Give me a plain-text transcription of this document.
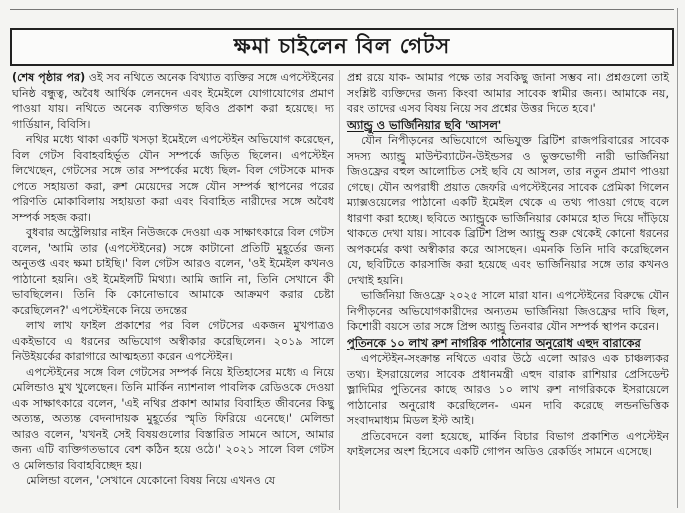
ক্ষমা চাইলেন বিল গেটস

(শেষ পৃষ্ঠার পর) ওই সব নথিতে অনেক বিখ্যাত ব্যক্তির সঙ্গে এপস্টেইনের ঘনিষ্ঠ বন্ধুত্ব, অবৈধ আর্থিক লেনদেন এবং ইমেইলে যোগাযোগের প্রমাণ পাওয়া যায়। নথিতে অনেক ব্যক্তিগত ছবিও প্রকাশ করা হয়েছে। দ্য গার্ডিয়ান, বিবিসি।

নথির মধ্যে থাকা একটি খসড়া ইমেইলে এপস্টেইন অভিযোগ করেছেন, বিল গেটস বিবাহবহির্ভূত যৌন সম্পর্কে জড়িত ছিলেন। এপস্টেইন লিখেছেন, গেটসের সঙ্গে তার সম্পর্কের মধ্যে ছিল- বিল গেটসকে মাদক পেতে সহায়তা করা, রুশ মেয়েদের সঙ্গে যৌন সম্পর্ক স্থাপনের পরের পরিণতি মোকাবিলায় সহায়তা করা এবং বিবাহিত নারীদের সঙ্গে অবৈধ সম্পর্ক সহজ করা।

বুধবার অস্ট্রেলিয়ার নাইন নিউজকে দেওয়া এক সাক্ষাৎকারে বিল গেটস বলেন, 'আমি তার (এপস্টেইনের) সঙ্গে কাটানো প্রতিটি মুহূর্তের জন্য অনুতপ্ত এবং ক্ষমা চাইছি।' বিল গেটস আরও বলেন, 'ওই ইমেইল কখনও পাঠানো হয়নি। ওই ইমেইলটি মিথ্যা। আমি জানি না, তিনি সেখানে কী ভাবছিলেন। তিনি কি কোনোভাবে আমাকে আক্রমণ করার চেষ্টা করেছিলেন?' এপস্টেইনকে নিয়ে তদন্তের

লাখ লাখ ফাইল প্রকাশের পর বিল গেটসের একজন মুখপাত্রও একইভাবে এ ধরনের অভিযোগ অস্বীকার করেছিলেন। ২০১৯ সালে নিউইয়র্কের কারাগারে আত্মহত্যা করেন এপস্টেইন।

এপস্টেইনের সঙ্গে বিল গেটসের সম্পর্ক নিয়ে ইতিহাসের মধ্যে এ নিয়ে মেলিন্ডাও মুখ খুলেছেন। তিনি মার্কিন ন্যাশনাল পাবলিক রেডিওকে দেওয়া এক সাক্ষাৎকারে বলেন, 'এই নথির প্রকাশ আমার বিবাহিত জীবনের কিছু অত্যন্ত, অত্যন্ত বেদনাদায়ক মুহূর্তের স্মৃতি ফিরিয়ে এনেছে।' মেলিন্ডা আরও বলেন, 'যখনই সেই বিষয়গুলোর বিস্তারিত সামনে আসে, আমার জন্য এটি ব্যক্তিগতভাবে বেশ কঠিন হয়ে ওঠে।' ২০২১ সালে বিল গেটস ও মেলিন্ডার বিবাহবিচ্ছেদ হয়।

মেলিন্ডা বলেন, 'সেখানে যেকোনো বিষয় নিয়ে এখনও যে

প্রশ্ন রয়ে যাক- আমার পক্ষে তার সবকিছু জানা সম্ভব না। প্রশ্নগুলো তাই সংশ্লিষ্ট ব্যক্তিদের জন্য কিংবা আমার সাবেক স্বামীর জন্য। আমাকে নয়, বরং তাদের এসব বিষয় নিয়ে সব প্রশ্নের উত্তর দিতে হবে।'

অ্যান্ড্রু ও ভার্জিনিয়ার ছবি 'আসল'

যৌন নিপীড়নের অভিযোগে অভিযুক্ত ব্রিটিশ রাজপরিবারের সাবেক সদস্য অ্যান্ড্রু মাউন্টব্যাটেন-উইন্ডসর ও ভুক্তভোগী নারী ভার্জিনিয়া জিওফ্রের বহুল আলোচিত সেই ছবি যে আসল, তার নতুন প্রমাণ পাওয়া গেছে। যৌন অপরাধী প্রয়াত জেফরি এপস্টেইনের সাবেক প্রেমিকা গিলেন ম্যাক্সওয়েলের পাঠানো একটি ইমেইল থেকে এ তথ্য পাওয়া গেছে বলে ধারণা করা হচ্ছে। ছবিতে অ্যান্ড্রুকে ভার্জিনিয়ার কোমরে হাত দিয়ে দাঁড়িয়ে থাকতে দেখা যায়। সাবেক ব্রিটিশ প্রিন্স অ্যান্ড্রু শুরু থেকেই কোনো ধরনের অপকর্মের কথা অস্বীকার করে আসছেন। এমনকি তিনি দাবি করেছিলেন যে, ছবিটিতে কারসাজি করা হয়েছে এবং ভার্জিনিয়ার সঙ্গে তার কখনও দেখাই হয়নি।

ভার্জিনিয়া জিওফ্রে ২০২৫ সালে মারা যান। এপস্টেইনের বিরুদ্ধে যৌন নিপীড়নের অভিযোগকারীদের অন্যতম ভার্জিনিয়া জিওফ্রের দাবি ছিল, কিশোরী বয়সে তার সঙ্গে প্রিন্স অ্যান্ড্রু তিনবার যৌন সম্পর্ক স্থাপন করেন।

পুতিনকে ১০ লাখ রুশ নাগরিক পাঠানোর অনুরোধ এহুদ বারাকের

এপস্টেইন-সংক্রান্ত নথিতে এবার উঠে এলো আরও এক চাঞ্চল্যকর তথ্য। ইসরায়েলের সাবেক প্রধানমন্ত্রী এহুদ বারাক রাশিয়ার প্রেসিডেন্ট ভ্লাদিমির পুতিনের কাছে আরও ১০ লাখ রুশ নাগরিককে ইসরায়েলে পাঠানোর অনুরোধ করেছিলেন- এমন দাবি করেছে লন্ডনভিত্তিক সংবাদমাধ্যম মিডল ইস্ট আই।

প্রতিবেদনে বলা হয়েছে, মার্কিন বিচার বিভাগ প্রকাশিত এপস্টেইন ফাইলসের অংশ হিসেবে একটি গোপন অডিও রেকর্ডিং সামনে এসেছে।
